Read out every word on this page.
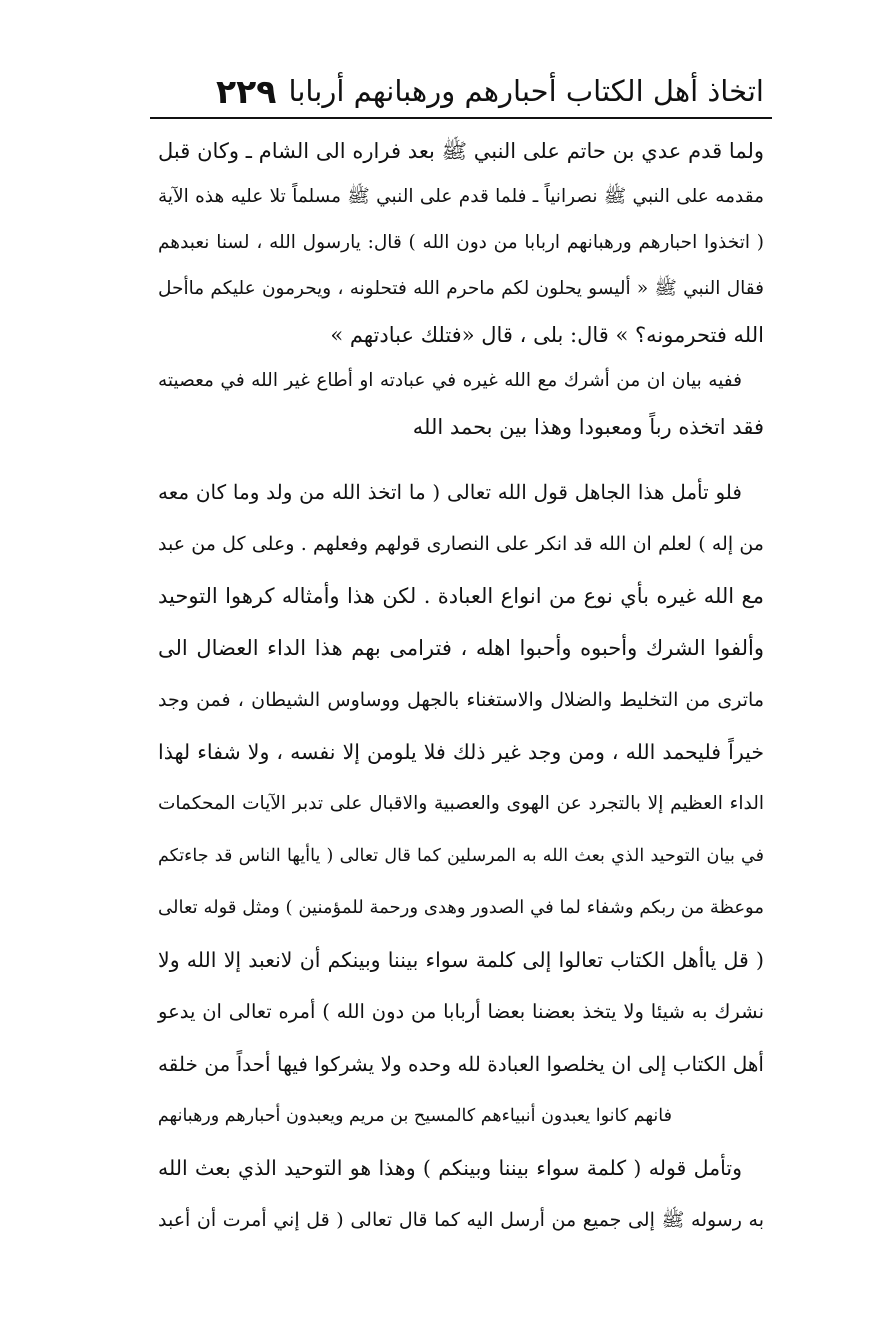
اتخاذ أهل الكتاب أحبارهم ورهبانهم أربابا
٢٢٩
ولما قدم عدي بن حاتم على النبي ﷺ بعد فراره الى الشام ـ وكان قبل
مقدمه على النبي ﷺ نصرانياً ـ فلما قدم على النبي ﷺ مسلماً تلا عليه هذه الآية
( اتخذوا احبارهم ورهبانهم اربابا من دون الله ) قال: يارسول الله ، لسنا نعبدهم
فقال النبي ﷺ « أليسو يحلون لكم ماحرم الله فتحلونه ، ويحرمون عليكم ماأحل
الله فتحرمونه؟ » قال: بلى ، قال «فتلك عبادتهم »
ففيه بيان ان من أشرك مع الله غيره في عبادته او أطاع غير الله في معصيته
فقد اتخذه رباً ومعبودا وهذا بين بحمد الله
فلو تأمل هذا الجاهل قول الله تعالى ( ما اتخذ الله من ولد وما كان معه
من إله ) لعلم ان الله قد انكر على النصارى قولهم وفعلهم . وعلى كل من عبد
مع الله غيره بأي نوع من انواع العبادة . لكن هذا وأمثاله كرهوا التوحيد
وألفوا الشرك وأحبوه وأحبوا اهله ، فترامى بهم هذا الداء العضال الى
ماترى من التخليط والضلال والاستغناء بالجهل ووساوس الشيطان ، فمن وجد
خيراً فليحمد الله ، ومن وجد غير ذلك فلا يلومن إلا نفسه ، ولا شفاء لهذا
الداء العظيم إلا بالتجرد عن الهوى والعصبية والاقبال على تدبر الآيات المحكمات
في بيان التوحيد الذي بعث الله به المرسلين كما قال تعالى ( ياأيها الناس قد جاءتكم
موعظة من ربكم وشفاء لما في الصدور وهدى ورحمة للمؤمنين ) ومثل قوله تعالى
( قل ياأهل الكتاب تعالوا إلى كلمة سواء بيننا وبينكم أن لانعبد إلا الله ولا
نشرك به شيئا ولا يتخذ بعضنا بعضا أربابا من دون الله ) أمره تعالى ان يدعو
أهل الكتاب إلى ان يخلصوا العبادة لله وحده ولا يشركوا فيها أحداً من خلقه
فانهم كانوا يعبدون أنبياءهم كالمسيح بن مريم ويعبدون أحبارهم ورهبانهم
وتأمل قوله ( كلمة سواء بيننا وبينكم ) وهذا هو التوحيد الذي بعث الله
به رسوله ﷺ إلى جميع من أرسل اليه كما قال تعالى ( قل إني أمرت أن أعبد
